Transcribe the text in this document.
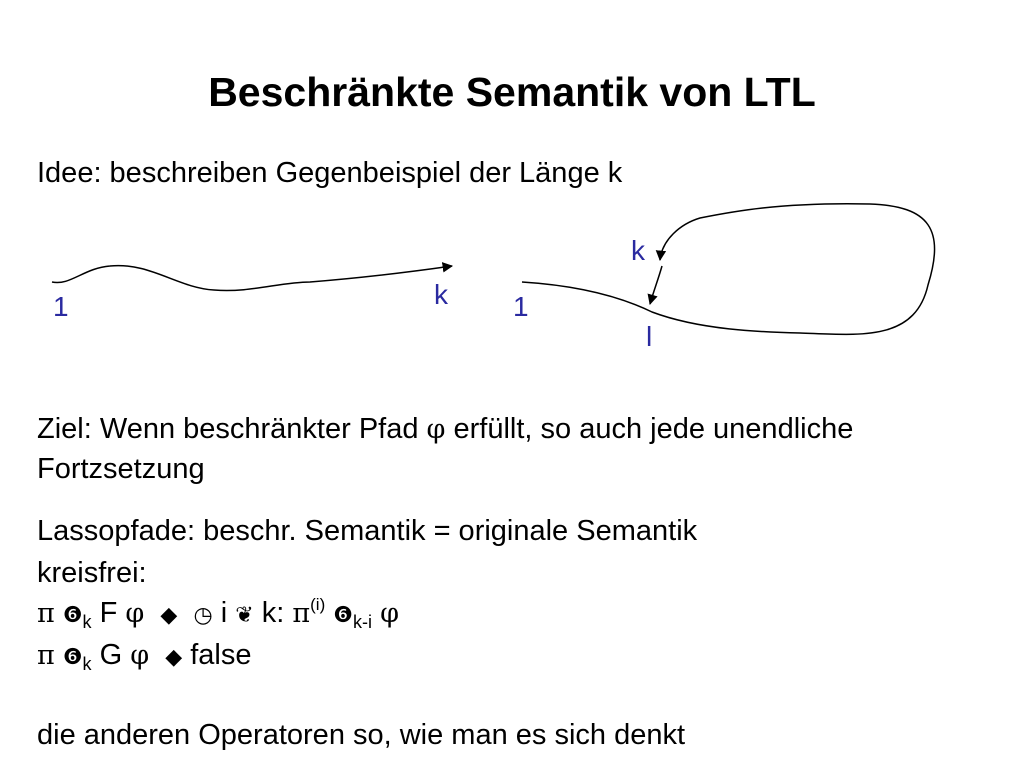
Beschränkte Semantik von LTL
Idee: beschreiben Gegenbeispiel der Länge k
1	k 1
k
l
Ziel: Wenn beschränkter Pfad φ erfüllt, so auch jede unendliche
Fortzsetzung
Lassopfade: beschr. Semantik = originale Semantik
kreisfrei:
π $❻_k$ F φ ◆ ◷ i ❦ k: $\pi^{(i)}$ $❻_{k-i}$ φ
π $❻_k$ G φ ◆ false
die anderen Operatoren so, wie man es sich denkt
